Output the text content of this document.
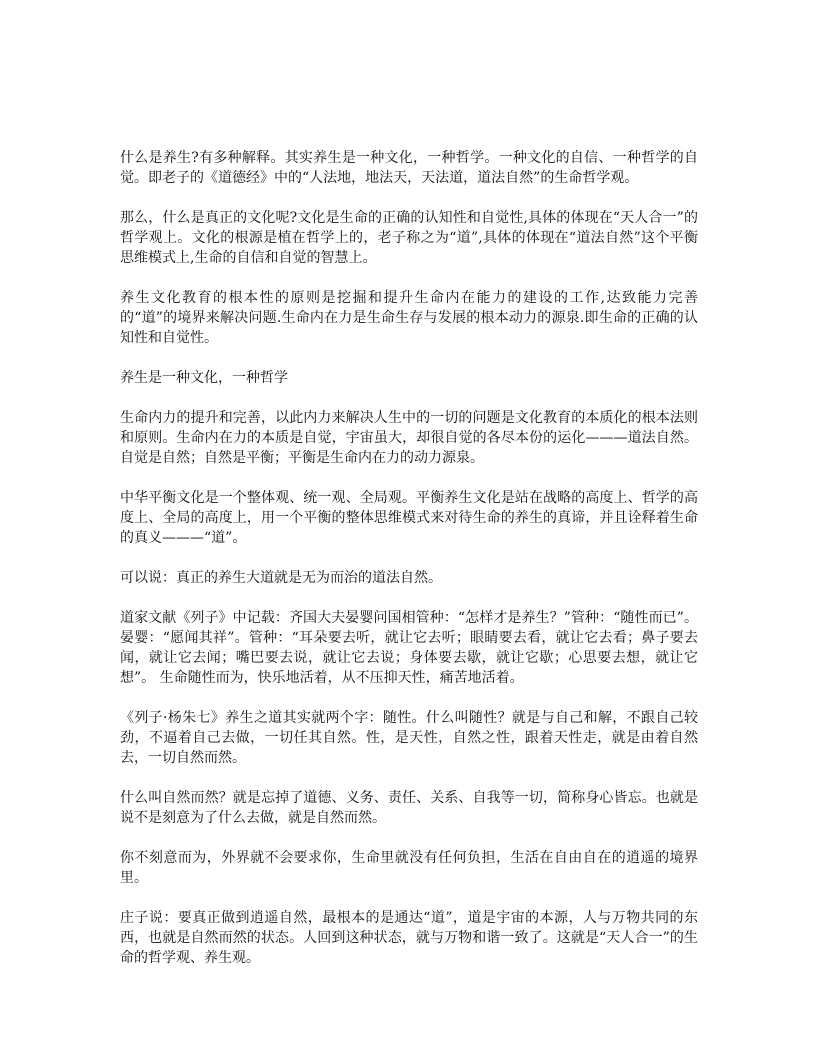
什么是养生?有多种解释。其实养生是一种文化，一种哲学。一种文化的自信、一种哲学的自觉。即老子的《道德经》中的“人法地，地法天，天法道，道法自然”的生命哲学观。

那么，什么是真正的文化呢?文化是生命的正确的认知性和自觉性,具体的体现在“天人合一”的哲学观上。文化的根源是植在哲学上的，老子称之为“道”,具体的体现在“道法自然”这个平衡思维模式上,生命的自信和自觉的智慧上。

养生文化教育的根本性的原则是挖掘和提升生命内在能力的建设的工作,达致能力完善的“道”的境界来解决问题.生命内在力是生命生存与发展的根本动力的源泉.即生命的正确的认知性和自觉性。

养生是一种文化，一种哲学

生命内力的提升和完善，以此内力来解决人生中的一切的问题是文化教育的本质化的根本法则和原则。生命内在力的本质是自觉，宇宙虽大，却很自觉的各尽本份的运化———道法自然。自觉是自然；自然是平衡；平衡是生命内在力的动力源泉。

中华平衡文化是一个整体观、统一观、全局观。平衡养生文化是站在战略的高度上、哲学的高度上、全局的高度上，用一个平衡的整体思维模式来对待生命的养生的真谛，并且诠释着生命的真义———“道”。

可以说：真正的养生大道就是无为而治的道法自然。

道家文献《列子》中记载：齐国大夫晏婴问国相管种：“怎样才是养生？”管种：“随性而已”。晏婴：“愿闻其祥”。管种：“耳朵要去听，就让它去听；眼睛要去看，就让它去看；鼻子要去闻，就让它去闻；嘴巴要去说，就让它去说；身体要去歇，就让它歇；心思要去想，就让它想”。 生命随性而为，快乐地活着，从不压抑天性，痛苦地活着。

《列子·杨朱七》养生之道其实就两个字：随性。什么叫随性？就是与自己和解，不跟自己较劲，不逼着自己去做，一切任其自然。性，是天性，自然之性，跟着天性走，就是由着自然去，一切自然而然。

什么叫自然而然？就是忘掉了道德、义务、责任、关系、自我等一切，简称身心皆忘。也就是说不是刻意为了什么去做，就是自然而然。

你不刻意而为，外界就不会要求你，生命里就没有任何负担，生活在自由自在的逍遥的境界里。

庄子说：要真正做到逍遥自然，最根本的是通达“道”，道是宇宙的本源，人与万物共同的东西，也就是自然而然的状态。人回到这种状态，就与万物和谐一致了。这就是“天人合一”的生命的哲学观、养生观。
